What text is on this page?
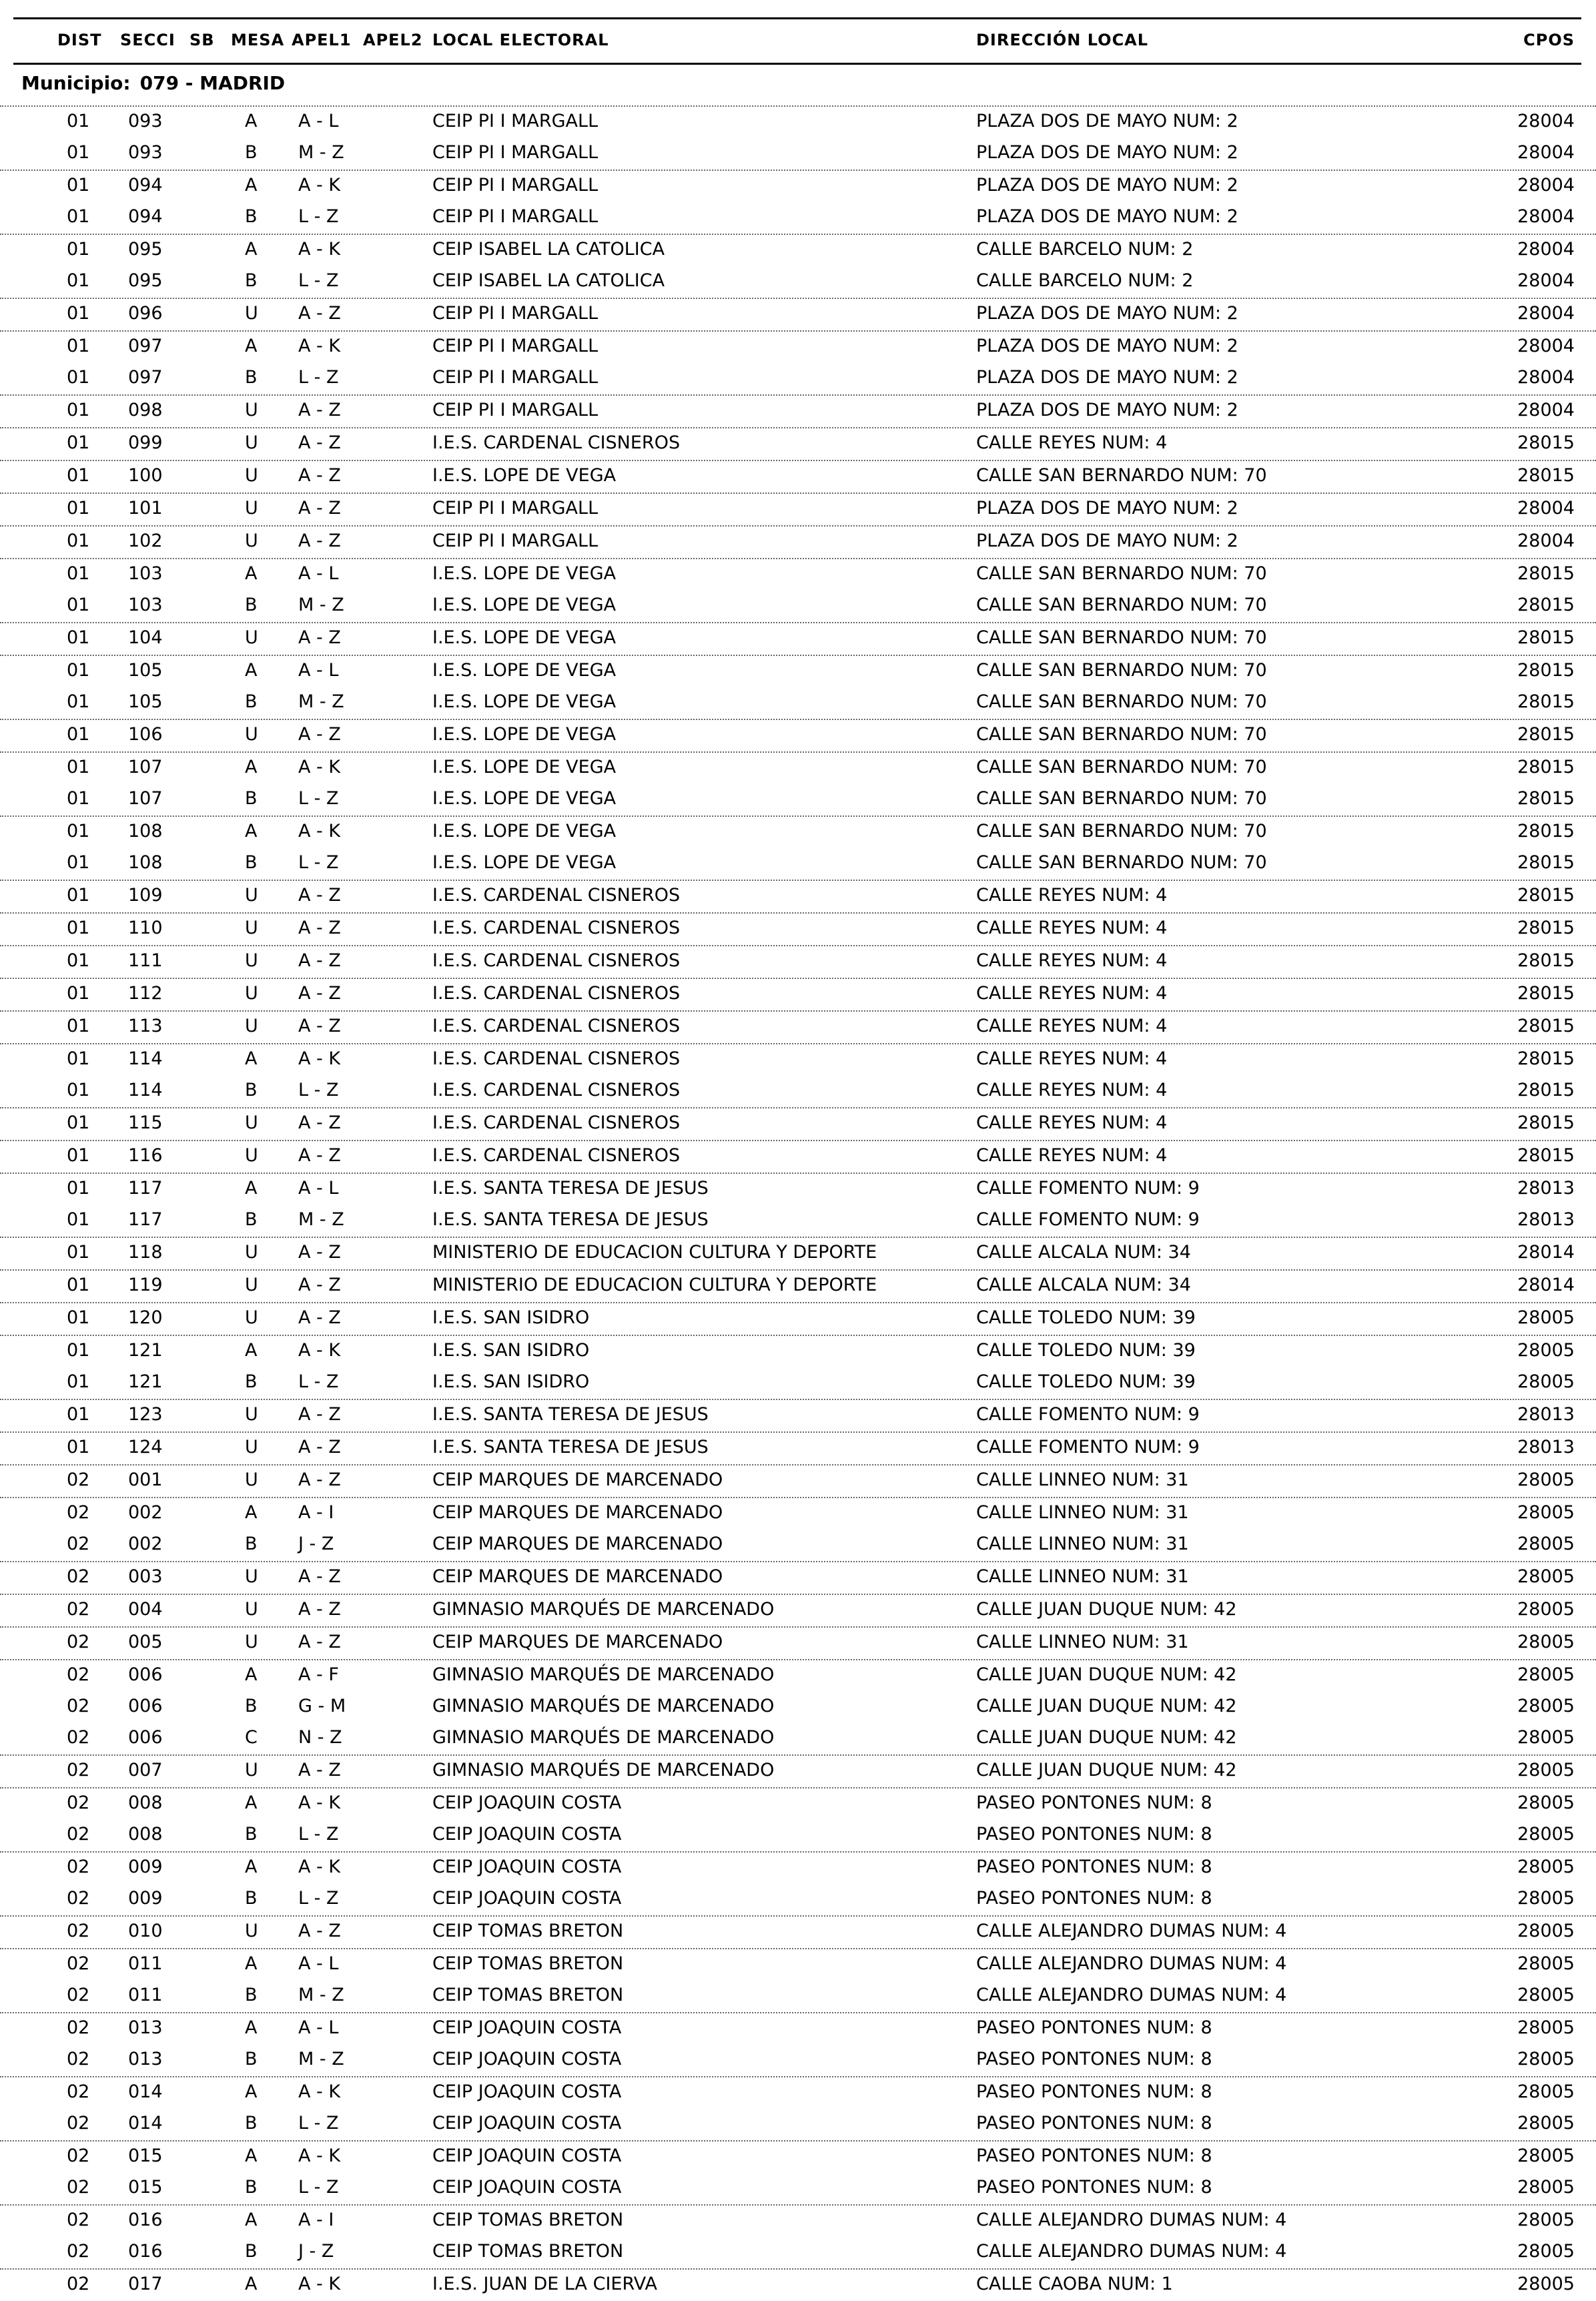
DIST SECCI SB MESA APEL1 APEL2 LOCAL ELECTORAL	DIRECCIÓN LOCAL	CPOS
Municipio: 079 - MADRID
01 093	A A - L	CEIP PI I MARGALL	PLAZA DOS DE MAYO NUM: 2	28004
01 093	B M - Z	CEIP PI I MARGALL	PLAZA DOS DE MAYO NUM: 2	28004
01 094	A A - K	CEIP PI I MARGALL	PLAZA DOS DE MAYO NUM: 2	28004
01 094	B L - Z	CEIP PI I MARGALL	PLAZA DOS DE MAYO NUM: 2	28004
01 095	A A - K	CEIP ISABEL LA CATOLICA	CALLE BARCELO NUM: 2	28004
01 095	B L - Z	CEIP ISABEL LA CATOLICA	CALLE BARCELO NUM: 2	28004
01 096	U A - Z	CEIP PI I MARGALL	PLAZA DOS DE MAYO NUM: 2	28004
01 097	A A - K	CEIP PI I MARGALL	PLAZA DOS DE MAYO NUM: 2	28004
01 097	B L - Z	CEIP PI I MARGALL	PLAZA DOS DE MAYO NUM: 2	28004
01 098	U A - Z	CEIP PI I MARGALL	PLAZA DOS DE MAYO NUM: 2	28004
01 099	U A - Z	I.E.S. CARDENAL CISNEROS	CALLE REYES NUM: 4	28015
01 100	U A - Z	I.E.S. LOPE DE VEGA	CALLE SAN BERNARDO NUM: 70	28015
01 101	U A - Z	CEIP PI I MARGALL	PLAZA DOS DE MAYO NUM: 2	28004
01 102	U A - Z	CEIP PI I MARGALL	PLAZA DOS DE MAYO NUM: 2	28004
01 103	A A - L	I.E.S. LOPE DE VEGA	CALLE SAN BERNARDO NUM: 70	28015
01 103	B M - Z	I.E.S. LOPE DE VEGA	CALLE SAN BERNARDO NUM: 70	28015
01 104	U A - Z	I.E.S. LOPE DE VEGA	CALLE SAN BERNARDO NUM: 70	28015
01 105	A A - L	I.E.S. LOPE DE VEGA	CALLE SAN BERNARDO NUM: 70	28015
01 105	B M - Z	I.E.S. LOPE DE VEGA	CALLE SAN BERNARDO NUM: 70	28015
01 106	U A - Z	I.E.S. LOPE DE VEGA	CALLE SAN BERNARDO NUM: 70	28015
01 107	A A - K	I.E.S. LOPE DE VEGA	CALLE SAN BERNARDO NUM: 70	28015
01 107	B L - Z	I.E.S. LOPE DE VEGA	CALLE SAN BERNARDO NUM: 70	28015
01 108	A A - K	I.E.S. LOPE DE VEGA	CALLE SAN BERNARDO NUM: 70	28015
01 108	B L - Z	I.E.S. LOPE DE VEGA	CALLE SAN BERNARDO NUM: 70	28015
01 109	U A - Z	I.E.S. CARDENAL CISNEROS	CALLE REYES NUM: 4	28015
01 110	U A - Z	I.E.S. CARDENAL CISNEROS	CALLE REYES NUM: 4	28015
01 111	U A - Z	I.E.S. CARDENAL CISNEROS	CALLE REYES NUM: 4	28015
01 112	U A - Z	I.E.S. CARDENAL CISNEROS	CALLE REYES NUM: 4	28015
01 113	U A - Z	I.E.S. CARDENAL CISNEROS	CALLE REYES NUM: 4	28015
01 114	A A - K	I.E.S. CARDENAL CISNEROS	CALLE REYES NUM: 4	28015
01 114	B L - Z	I.E.S. CARDENAL CISNEROS	CALLE REYES NUM: 4	28015
01 115	U A - Z	I.E.S. CARDENAL CISNEROS	CALLE REYES NUM: 4	28015
01 116	U A - Z	I.E.S. CARDENAL CISNEROS	CALLE REYES NUM: 4	28015
01 117	A A - L	I.E.S. SANTA TERESA DE JESUS	CALLE FOMENTO NUM: 9	28013
01 117	B M - Z	I.E.S. SANTA TERESA DE JESUS	CALLE FOMENTO NUM: 9	28013
01 118	U A - Z	MINISTERIO DE EDUCACION CULTURA Y DEPORTE	CALLE ALCALA NUM: 34	28014
01 119	U A - Z	MINISTERIO DE EDUCACION CULTURA Y DEPORTE	CALLE ALCALA NUM: 34	28014
01 120	U A - Z	I.E.S. SAN ISIDRO	CALLE TOLEDO NUM: 39	28005
01 121	A A - K	I.E.S. SAN ISIDRO	CALLE TOLEDO NUM: 39	28005
01 121	B L - Z	I.E.S. SAN ISIDRO	CALLE TOLEDO NUM: 39	28005
01 123	U A - Z	I.E.S. SANTA TERESA DE JESUS	CALLE FOMENTO NUM: 9	28013
01 124	U A - Z	I.E.S. SANTA TERESA DE JESUS	CALLE FOMENTO NUM: 9	28013
02 001	U A - Z	CEIP MARQUES DE MARCENADO	CALLE LINNEO NUM: 31	28005
02 002	A A - I	CEIP MARQUES DE MARCENADO	CALLE LINNEO NUM: 31	28005
02 002	B J - Z	CEIP MARQUES DE MARCENADO	CALLE LINNEO NUM: 31	28005
02 003	U A - Z	CEIP MARQUES DE MARCENADO	CALLE LINNEO NUM: 31	28005
02 004	U A - Z	GIMNASIO MARQUÉS DE MARCENADO	CALLE JUAN DUQUE NUM: 42	28005
02 005	U A - Z	CEIP MARQUES DE MARCENADO	CALLE LINNEO NUM: 31	28005
02 006	A A - F	GIMNASIO MARQUÉS DE MARCENADO	CALLE JUAN DUQUE NUM: 42	28005
02 006	B G - M	GIMNASIO MARQUÉS DE MARCENADO	CALLE JUAN DUQUE NUM: 42	28005
02 006	C N - Z	GIMNASIO MARQUÉS DE MARCENADO	CALLE JUAN DUQUE NUM: 42	28005
02 007	U A - Z	GIMNASIO MARQUÉS DE MARCENADO	CALLE JUAN DUQUE NUM: 42	28005
02 008	A A - K	CEIP JOAQUIN COSTA	PASEO PONTONES NUM: 8	28005
02 008	B L - Z	CEIP JOAQUIN COSTA	PASEO PONTONES NUM: 8	28005
02 009	A A - K	CEIP JOAQUIN COSTA	PASEO PONTONES NUM: 8	28005
02 009	B L - Z	CEIP JOAQUIN COSTA	PASEO PONTONES NUM: 8	28005
02 010	U A - Z	CEIP TOMAS BRETON	CALLE ALEJANDRO DUMAS NUM: 4	28005
02 011	A A - L	CEIP TOMAS BRETON	CALLE ALEJANDRO DUMAS NUM: 4	28005
02 011	B M - Z	CEIP TOMAS BRETON	CALLE ALEJANDRO DUMAS NUM: 4	28005
02 013	A A - L	CEIP JOAQUIN COSTA	PASEO PONTONES NUM: 8	28005
02 013	B M - Z	CEIP JOAQUIN COSTA	PASEO PONTONES NUM: 8	28005
02 014	A A - K	CEIP JOAQUIN COSTA	PASEO PONTONES NUM: 8	28005
02 014	B L - Z	CEIP JOAQUIN COSTA	PASEO PONTONES NUM: 8	28005
02 015	A A - K	CEIP JOAQUIN COSTA	PASEO PONTONES NUM: 8	28005
02 015	B L - Z	CEIP JOAQUIN COSTA	PASEO PONTONES NUM: 8	28005
02 016	A A - I	CEIP TOMAS BRETON	CALLE ALEJANDRO DUMAS NUM: 4	28005
02 016	B J - Z	CEIP TOMAS BRETON	CALLE ALEJANDRO DUMAS NUM: 4	28005
02 017	A A - K	I.E.S. JUAN DE LA CIERVA	CALLE CAOBA NUM: 1	28005
